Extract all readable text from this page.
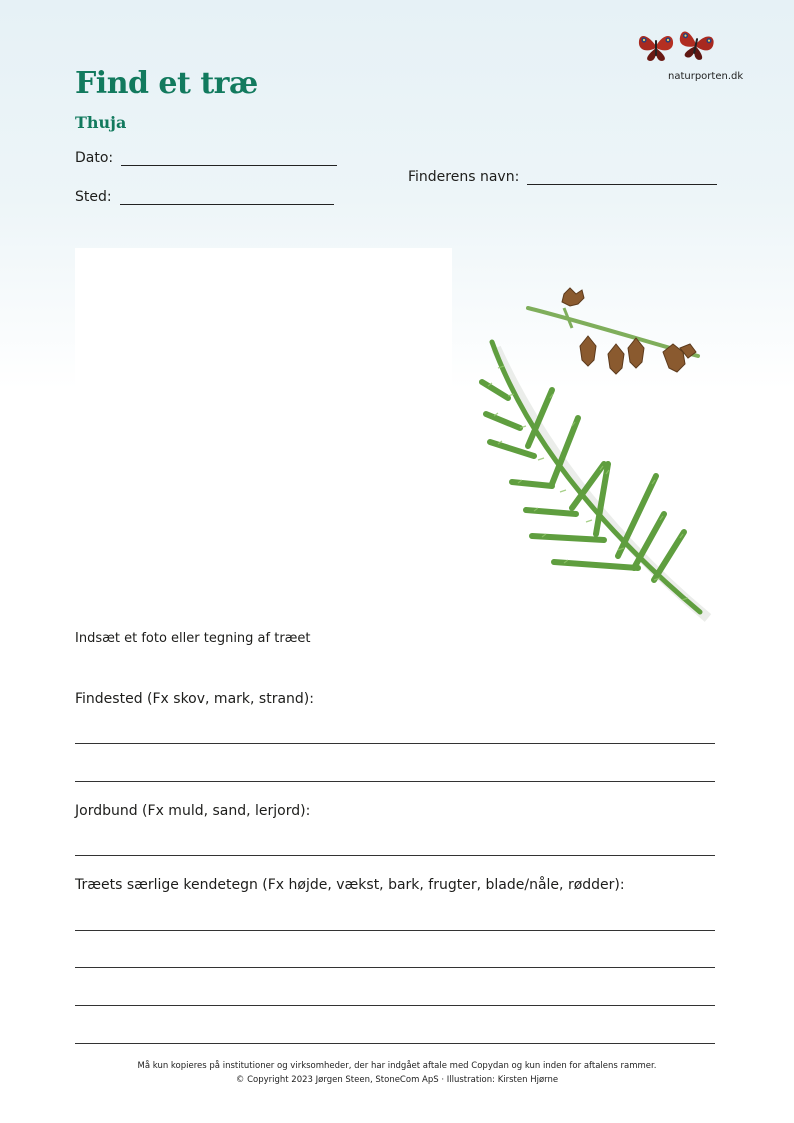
naturporten.dk
Find et træ
Thuja
Dato:
Sted:
Finderens navn:
Indsæt et foto eller tegning af træet
Findested (Fx skov, mark, strand):
Jordbund (Fx muld, sand, lerjord):
Træets særlige kendetegn (Fx højde, vækst, bark, frugter, blade/nåle, rødder):
Må kun kopieres på institutioner og virksomheder, der har indgået aftale med Copydan og kun inden for aftalens rammer.
© Copyright 2023 Jørgen Steen, StoneCom ApS · Illustration: Kirsten Hjørne
